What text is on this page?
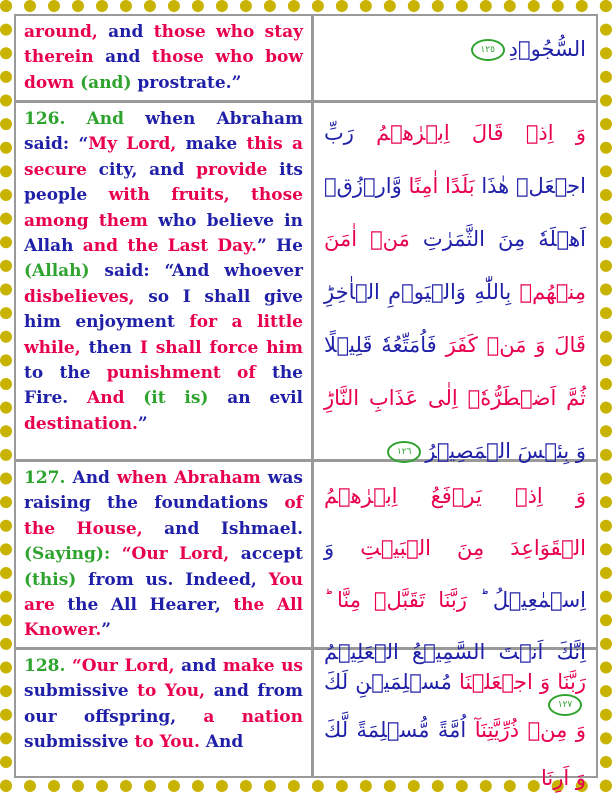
around, and those who stay therein and those who bow down (and) prostrate.”

السُّجُوۡدِ١٢٥

126. And when Abraham said: “My Lord, make this a secure city, and provide its people with fruits, those among them who believe in Allah and the Last Day.” He (Allah) said: “And whoever disbelieves, so I shall give him enjoyment for a little while, then I shall force him to the punishment of the Fire. And (it is) an evil destination.”

وَ اِذۡ قَالَ اِبۡرٰهٖمُ رَبِّ اجۡعَلۡ هٰذَا بَلَدًا اٰمِنًا وَّارۡزُقۡ اَهۡلَهٗ مِنَ الثَّمَرٰتِ مَنۡ اٰمَنَ مِنۡهُمۡ بِاللّٰهِ وَالۡيَوۡمِ الۡاٰخِرِ‌ؕ قَالَ وَ مَنۡ كَفَرَ فَاُمَتِّعُهٗ قَلِيۡلًا ثُمَّ اَضۡطَرُّهٗۤ اِلٰى عَذَابِ النَّارِ‌ؕ وَ بِئۡسَ الۡمَصِيۡرُ١٢٦

127. And when Abraham was raising the foundations of the House, and Ishmael. (Saying): “Our Lord, accept (this) from us. Indeed, You are the All Hearer, the All Knower.”

وَ اِذۡ يَرۡفَعُ اِبۡرٰهٖمُ الۡقَوَاعِدَ مِنَ الۡبَيۡتِ وَ اِسۡمٰعِيۡلُ ؕ رَبَّنَا تَقَبَّلۡ مِنَّا ؕ اِنَّكَ اَنۡتَ السَّمِيۡعُ الۡعَلِيۡمُ١٢٧

128. “Our Lord, and make us submissive to You, and from our offspring, a nation submissive to You. And

رَبَّنَا وَ اجۡعَلۡنَا مُسۡلِمَيۡنِ لَكَ وَ مِنۡ ذُرِّيَّتِنَآ اُمَّةً مُّسۡلِمَةً لَّكَ وَ اَرِنَا
